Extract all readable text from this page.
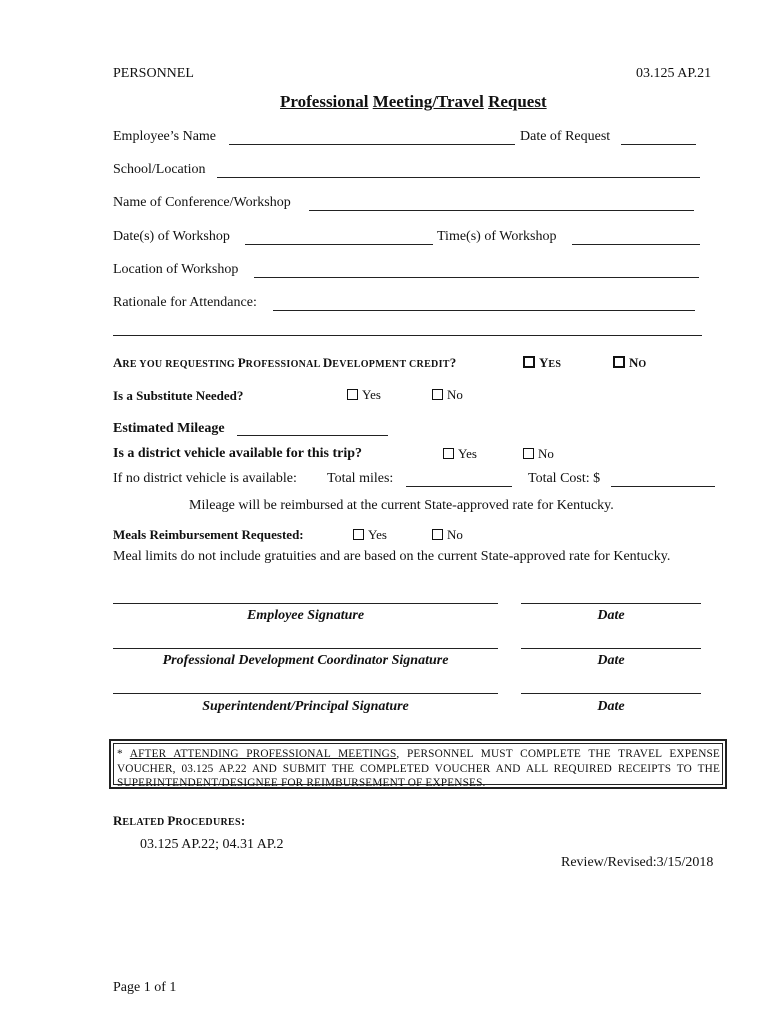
PERSONNEL	03.125 AP.21
Professional Meeting/Travel Request
Employee’s Name	Date of Request
School/Location
Name of Conference/Workshop
Date(s) of Workshop	Time(s) of Workshop
Location of Workshop
Rationale for Attendance:
ARE YOU REQUESTING PROFESSIONAL DEVELOPMENT CREDIT?	YES	NO
Is a Substitute Needed?	Yes	No
Estimated Mileage
Is a district vehicle available for this trip?	Yes	No
If no district vehicle is available: Total miles:	Total Cost: $
Mileage will be reimbursed at the current State-approved rate for Kentucky.
Meals Reimbursement Requested:	Yes	No
Meal limits do not include gratuities and are based on the current State-approved rate for Kentucky.
Employee Signature	Date
Professional Development Coordinator Signature	Date
Superintendent/Principal Signature	Date
* AFTER ATTENDING PROFESSIONAL MEETINGS, PERSONNEL MUST COMPLETE THE TRAVEL EXPENSE VOUCHER, 03.125 AP.22 AND SUBMIT THE COMPLETED VOUCHER AND ALL REQUIRED RECEIPTS TO THE SUPERINTENDENT/DESIGNEE FOR REIMBURSEMENT OF EXPENSES.
RELATED PROCEDURES:
03.125 AP.22; 04.31 AP.2
Review/Revised:3/15/2018
Page 1 of 1
